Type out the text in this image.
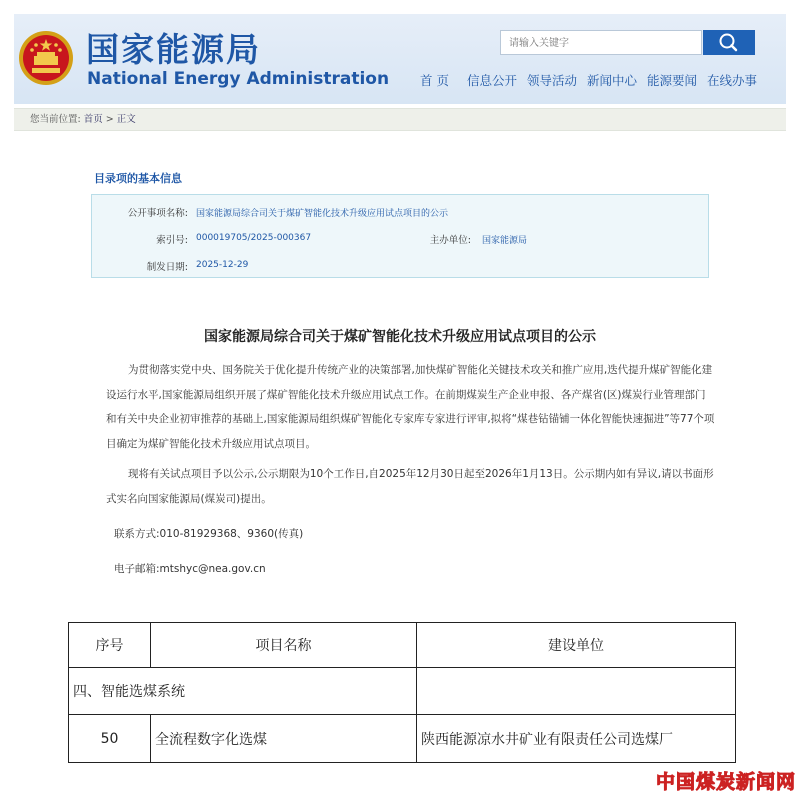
国家能源局
National Energy Administration
请输入关键字 首 页 信息公开 领导活动 新闻中心 能源要闻 在线办事
您当前位置: 首页 > 正文
目录项的基本信息
公开事项名称: 国家能源局综合司关于煤矿智能化技术升级应用试点项目的公示
索引号: 000019705/2025-000367	主办单位: 国家能源局
制发日期: 2025-12-29
国家能源局综合司关于煤矿智能化技术升级应用试点项目的公示
为贯彻落实党中央、国务院关于优化提升传统产业的决策部署,加快煤矿智能化关键技术攻关和推广应用,迭代提升煤矿智能化建设运行水平,国家能源局组织开展了煤矿智能化技术升级应用试点工作。在前期煤炭生产企业申报、各产煤省(区)煤炭行业管理部门和有关中央企业初审推荐的基础上,国家能源局组织煤矿智能化专家库专家进行评审,拟将“煤巷钻锚铺一体化智能快速掘进”等77个项目确定为煤矿智能化技术升级应用试点项目。
现将有关试点项目予以公示,公示期限为10个工作日,自2025年12月30日起至2026年1月13日。公示期内如有异议,请以书面形式实名向国家能源局(煤炭司)提出。
联系方式:010-81929368、9360(传真)
电子邮箱:mtshyc@nea.gov.cn
序号	项目名称	建设单位
四、智能选煤系统		
50	全流程数字化选煤	陕西能源凉水井矿业有限责任公司选煤厂
中国煤炭新闻网
